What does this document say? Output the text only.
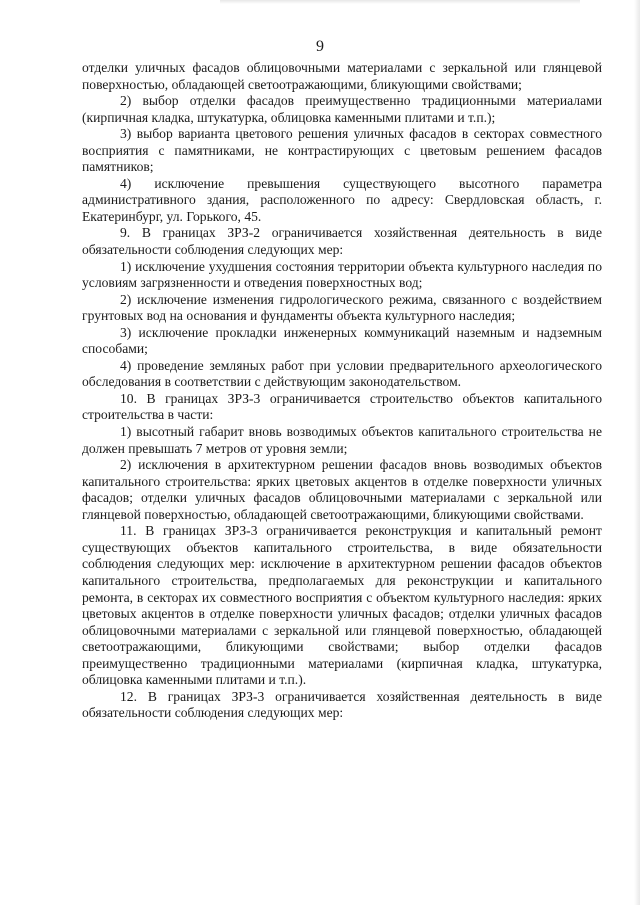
9

отделки уличных фасадов облицовочными материалами с зеркальной или глянцевой поверхностью, обладающей светоотражающими, бликующими свойствами;

2) выбор отделки фасадов преимущественно традиционными материалами (кирпичная кладка, штукатурка, облицовка каменными плитами и т.п.);

3) выбор варианта цветового решения уличных фасадов в секторах совместного восприятия с памятниками, не контрастирующих с цветовым решением фасадов памятников;

4) исключение превышения существующего высотного параметра административного здания, расположенного по адресу: Свердловская область, г. Екатеринбург, ул. Горького, 45.

9. В границах ЗРЗ-2 ограничивается хозяйственная деятельность в виде обязательности соблюдения следующих мер:

1) исключение ухудшения состояния территории объекта культурного наследия по условиям загрязненности и отведения поверхностных вод;

2) исключение изменения гидрологического режима, связанного с воздействием грунтовых вод на основания и фундаменты объекта культурного наследия;

3) исключение прокладки инженерных коммуникаций наземным и надземным способами;

4) проведение земляных работ при условии предварительного археологического обследования в соответствии с действующим законодательством.

10. В границах ЗРЗ-3 ограничивается строительство объектов капитального строительства в части:

1) высотный габарит вновь возводимых объектов капитального строительства не должен превышать 7 метров от уровня земли;

2) исключения в архитектурном решении фасадов вновь возводимых объектов капитального строительства: ярких цветовых акцентов в отделке поверхности уличных фасадов; отделки уличных фасадов облицовочными материалами с зеркальной или глянцевой поверхностью, обладающей светоотражающими, бликующими свойствами.

11. В границах ЗРЗ-3 ограничивается реконструкция и капитальный ремонт существующих объектов капитального строительства, в виде обязательности соблюдения следующих мер: исключение в архитектурном решении фасадов объектов капитального строительства, предполагаемых для реконструкции и капитального ремонта, в секторах их совместного восприятия с объектом культурного наследия: ярких цветовых акцентов в отделке поверхности уличных фасадов; отделки уличных фасадов облицовочными материалами с зеркальной или глянцевой поверхностью, обладающей светоотражающими, бликующими свойствами; выбор отделки фасадов преимущественно традиционными материалами (кирпичная кладка, штукатурка, облицовка каменными плитами и т.п.).

12. В границах ЗРЗ-3 ограничивается хозяйственная деятельность в виде обязательности соблюдения следующих мер:
